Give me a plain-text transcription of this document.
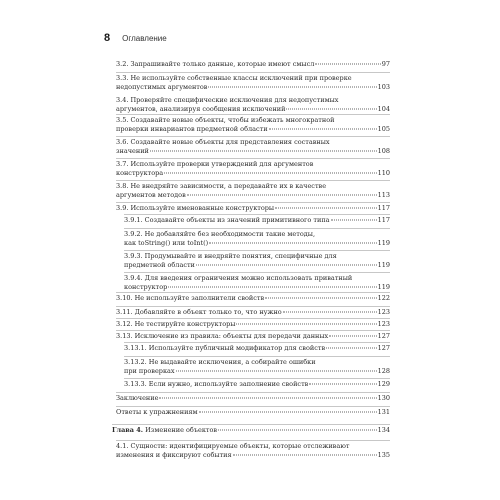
8 Оглавление
3.2. Запрашивайте только данные, которые имеют смысл	97
3.3. Не используйте собственные классы исключений при проверке
недопустимых аргументов	103
3.4. Проверяйте специфические исключения для недопустимых
аргументов, анализируя сообщения исключений	104
3.5. Создавайте новые объекты, чтобы избежать многократной
проверки инвариантов предметной области	105
3.6. Создавайте новые объекты для представления составных
значений	108
3.7. Используйте проверки утверждений для аргументов
конструктора	110
3.8. Не внедряйте зависимости, а передавайте их в качестве
аргументов методов	113
3.9. Используйте именованные конструкторы	117
3.9.1. Создавайте объекты из значений примитивного типа	117
3.9.2. Не добавляйте без необходимости такие методы,
как toString() или toInt()	119
3.9.3. Продумывайте и внедряйте понятия, специфичные для
предметной области	119
3.9.4. Для введения ограничения можно использовать приватный
конструктор	119
3.10. Не используйте заполнители свойств	122
3.11. Добавляйте в объект только то, что нужно	123
3.12. Не тестируйте конструкторы	123
3.13. Исключение из правила: объекты для передачи данных	127
3.13.1. Используйте публичный модификатор для свойств	127
3.13.2. Не выдавайте исключения, а собирайте ошибки
при проверках	128
3.13.3. Если нужно, используйте заполнение свойств	129
Заключение	130
Ответы к упражнениям	131
Глава 4. Изменение объектов	134
4.1. Сущности: идентифицируемые объекты, которые отслеживают
изменения и фиксируют события	135
